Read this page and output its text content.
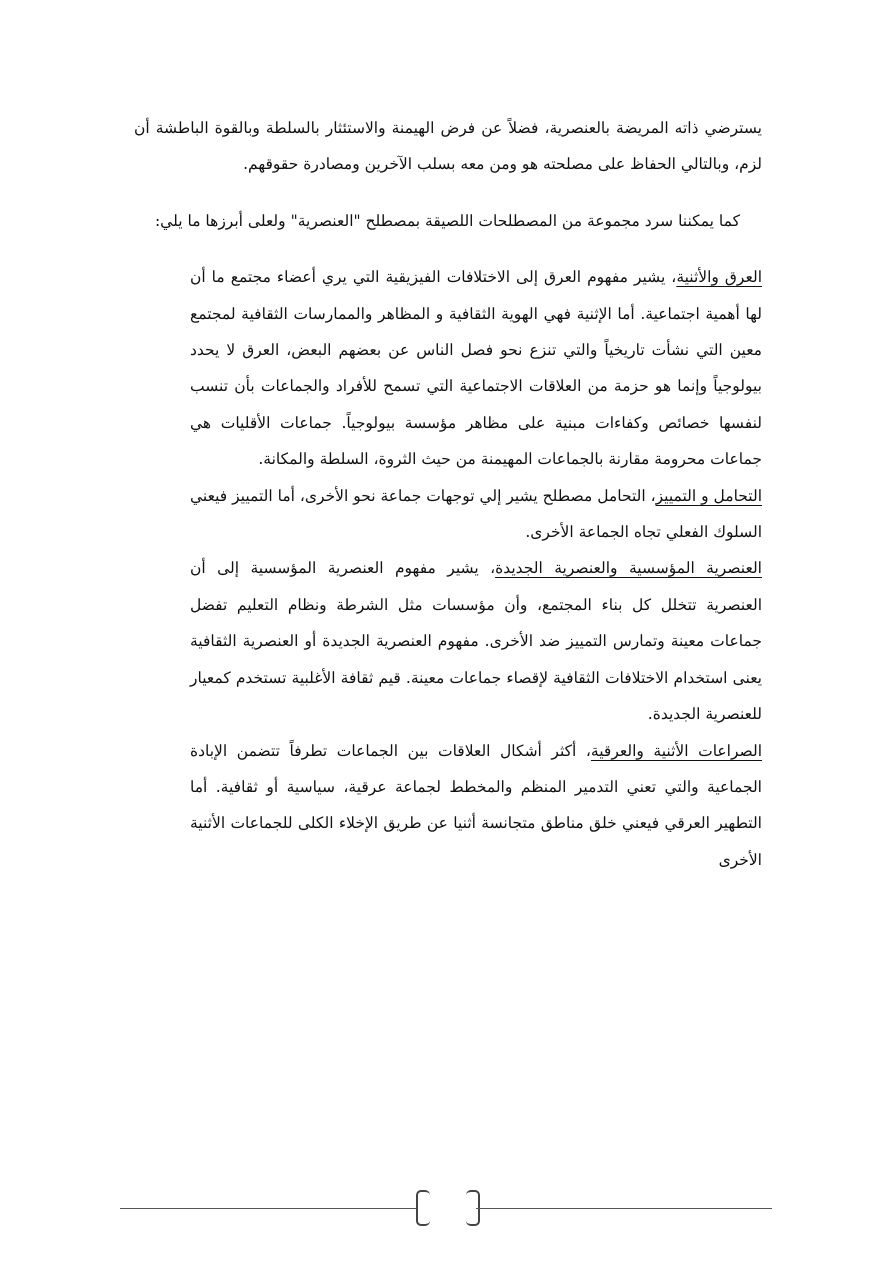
يسترضي ذاته المريضة بالعنصرية، فضلاً عن فرض الهيمنة والاستئثار بالسلطة وبالقوة الباطشة أن لزم، وبالتالي الحفاظ على مصلحته هو ومن معه بسلب الآخرين ومصادرة حقوقهم.

كما يمكننا سرد مجموعة من المصطلحات اللصيقة بمصطلح "العنصرية" ولعلى أبرزها ما يلي:

العرق والأثنية، يشير مفهوم العرق إلى الاختلافات الفيزيقية التي يري أعضاء مجتمع ما أن لها أهمية اجتماعية. أما الإثنية فهي الهوية الثقافية و المظاهر والممارسات الثقافية لمجتمع معين التي نشأت تاريخياً والتي تنزع نحو فصل الناس عن بعضهم البعض، العرق لا يحدد بيولوجياً وإنما هو حزمة من العلاقات الاجتماعية التي تسمح للأفراد والجماعات بأن تنسب لنفسها خصائص وكفاءات مبنية على مظاهر مؤسسة بيولوجياً. جماعات الأقليات هي جماعات محرومة مقارنة بالجماعات المهيمنة من حيث الثروة، السلطة والمكانة.

التحامل و التمييز، التحامل مصطلح يشير إلي توجهات جماعة نحو الأخرى، أما التمييز فيعني السلوك الفعلي تجاه الجماعة الأخرى.

العنصرية المؤسسية والعنصرية الجديدة، يشير مفهوم العنصرية المؤسسية إلى أن العنصرية تتخلل كل بناء المجتمع، وأن مؤسسات مثل الشرطة ونظام التعليم تفضل جماعات معينة وتمارس التمييز ضد الأخرى. مفهوم العنصرية الجديدة أو العنصرية الثقافية يعنى استخدام الاختلافات الثقافية لإقصاء جماعات معينة. قيم ثقافة الأغلبية تستخدم كمعيار للعنصرية الجديدة.

الصراعات الأثنية والعرقية، أكثر أشكال العلاقات بين الجماعات تطرفاً تتضمن الإبادة الجماعية والتي تعني التدمير المنظم والمخطط لجماعة عرقية، سياسية أو ثقافية. أما التطهير العرقي فيعني خلق مناطق متجانسة أثنيا عن طريق الإخلاء الكلى للجماعات الأثنية الأخرى
